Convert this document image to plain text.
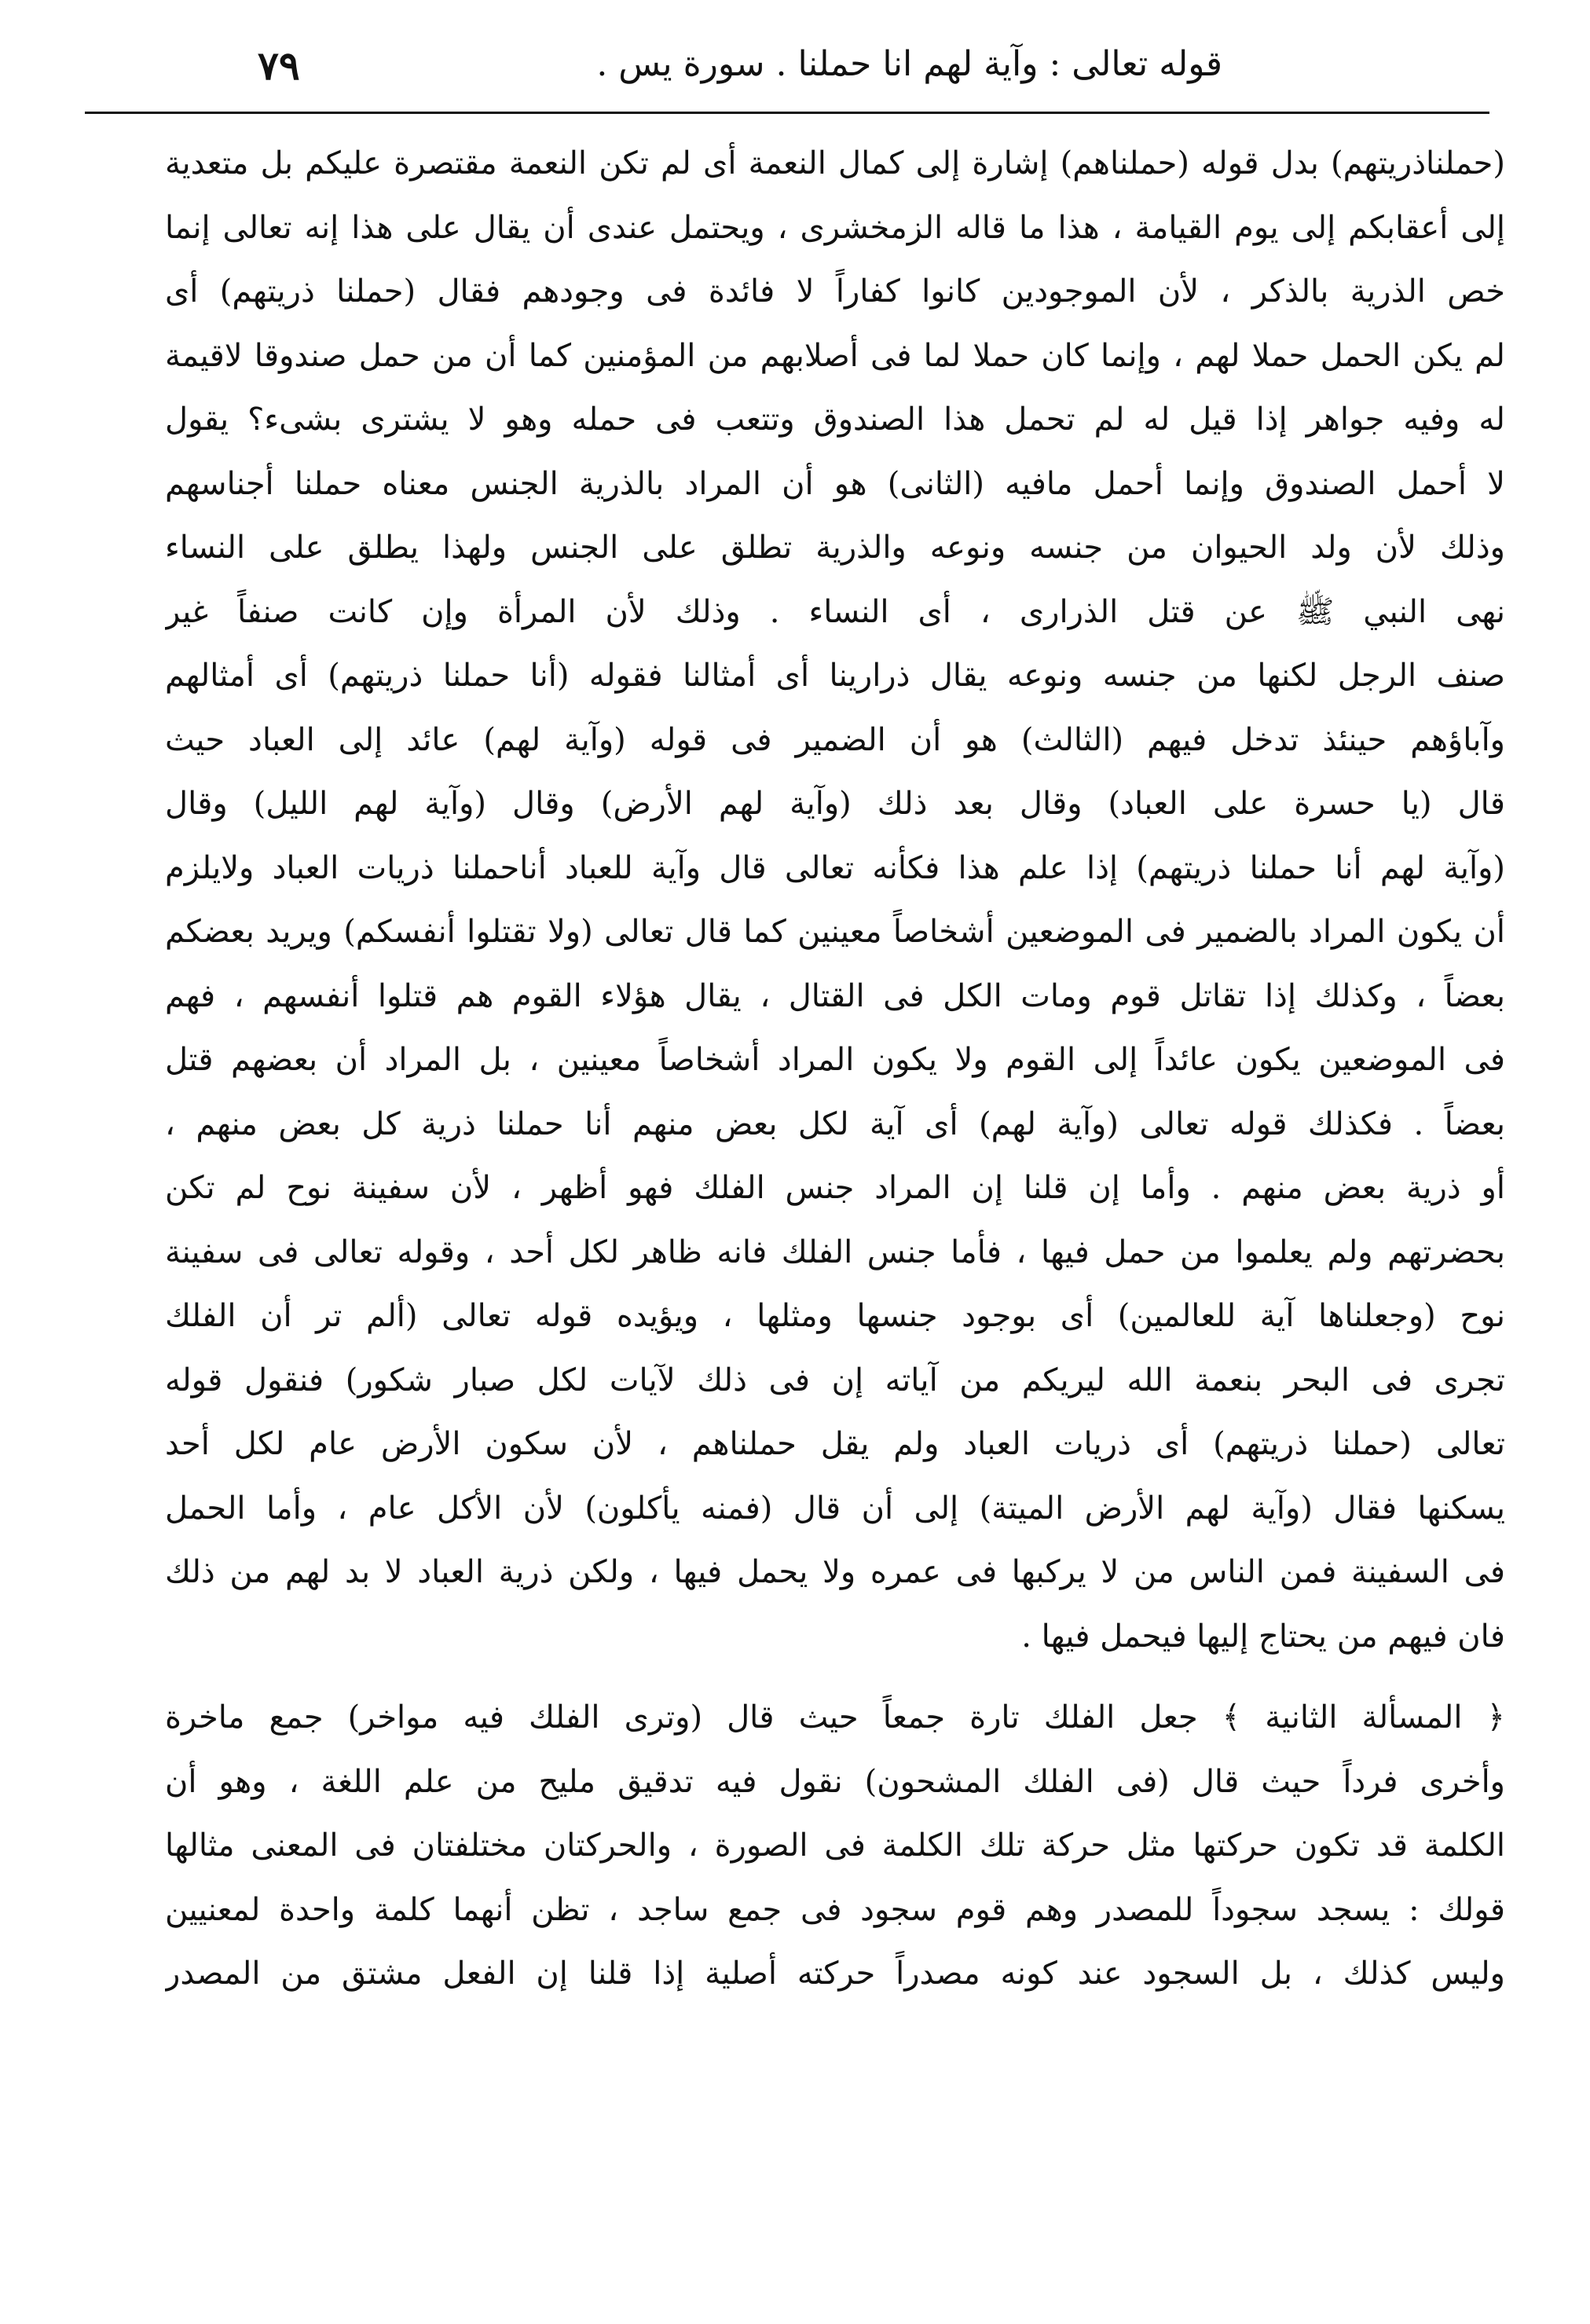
قوله تعالى : وآية لهم انا حملنا . سورة يس .
٧٩
(حملناذريتهم) بدل قوله (حملناهم) إشارة إلى كمال النعمة أى لم تكن النعمة مقتصرة عليكم بل متعدية
إلى أعقابكم إلى يوم القيامة ، هذا ما قاله الزمخشرى ، ويحتمل عندى أن يقال على هذا إنه تعالى إنما
خص الذرية بالذكر ، لأن الموجودين كانوا كفاراً لا فائدة فى وجودهم فقال (حملنا ذريتهم) أى
لم يكن الحمل حملا لهم ، وإنما كان حملا لما فى أصلابهم من المؤمنين كما أن من حمل صندوقا لاقيمة
له وفيه جواهر إذا قيل له لم تحمل هذا الصندوق وتتعب فى حمله وهو لا يشترى بشىء؟ يقول
لا أحمل الصندوق وإنما أحمل مافيه (الثانى) هو أن المراد بالذرية الجنس معناه حملنا أجناسهم
وذلك لأن ولد الحيوان من جنسه ونوعه والذرية تطلق على الجنس ولهذا يطلق على النساء
نهى النبي ﷺ عن قتل الذرارى ، أى النساء . وذلك لأن المرأة وإن كانت صنفاً غير
صنف الرجل لكنها من جنسه ونوعه يقال ذرارينا أى أمثالنا فقوله (أنا حملنا ذريتهم) أى أمثالهم
وآباؤهم حينئذ تدخل فيهم (الثالث) هو أن الضمير فى قوله (وآية لهم) عائد إلى العباد حيث
قال (يا حسرة على العباد) وقال بعد ذلك (وآية لهم الأرض) وقال (وآية لهم الليل) وقال
(وآية لهم أنا حملنا ذريتهم) إذا علم هذا فكأنه تعالى قال وآية للعباد أناحملنا ذريات العباد ولايلزم
أن يكون المراد بالضمير فى الموضعين أشخاصاً معينين كما قال تعالى (ولا تقتلوا أنفسكم) ويريد بعضكم
بعضاً ، وكذلك إذا تقاتل قوم ومات الكل فى القتال ، يقال هؤلاء القوم هم قتلوا أنفسهم ، فهم
فى الموضعين يكون عائداً إلى القوم ولا يكون المراد أشخاصاً معينين ، بل المراد أن بعضهم قتل
بعضاً . فكذلك قوله تعالى (وآية لهم) أى آية لكل بعض منهم أنا حملنا ذرية كل بعض منهم ،
أو ذرية بعض منهم . وأما إن قلنا إن المراد جنس الفلك فهو أظهر ، لأن سفينة نوح لم تكن
بحضرتهم ولم يعلموا من حمل فيها ، فأما جنس الفلك فانه ظاهر لكل أحد ، وقوله تعالى فى سفينة
نوح (وجعلناها آية للعالمين) أى بوجود جنسها ومثلها ، ويؤيده قوله تعالى (ألم تر أن الفلك
تجرى فى البحر بنعمة الله ليريكم من آياته إن فى ذلك لآيات لكل صبار شكور) فنقول قوله
تعالى (حملنا ذريتهم) أى ذريات العباد ولم يقل حملناهم ، لأن سكون الأرض عام لكل أحد
يسكنها فقال (وآية لهم الأرض الميتة) إلى أن قال (فمنه يأكلون) لأن الأكل عام ، وأما الحمل
فى السفينة فمن الناس من لا يركبها فى عمره ولا يحمل فيها ، ولكن ذرية العباد لا بد لهم من ذلك
فان فيهم من يحتاج إليها فيحمل فيها .
﴿ المسألة الثانية ﴾ جعل الفلك تارة جمعاً حيث قال (وترى الفلك فيه مواخر) جمع ماخرة
وأخرى فرداً حيث قال (فى الفلك المشحون) نقول فيه تدقيق مليح من علم اللغة ، وهو أن
الكلمة قد تكون حركتها مثل حركة تلك الكلمة فى الصورة ، والحركتان مختلفتان فى المعنى مثالها
قولك : يسجد سجوداً للمصدر وهم قوم سجود فى جمع ساجد ، تظن أنهما كلمة واحدة لمعنيين
وليس كذلك ، بل السجود عند كونه مصدراً حركته أصلية إذا قلنا إن الفعل مشتق من المصدر
